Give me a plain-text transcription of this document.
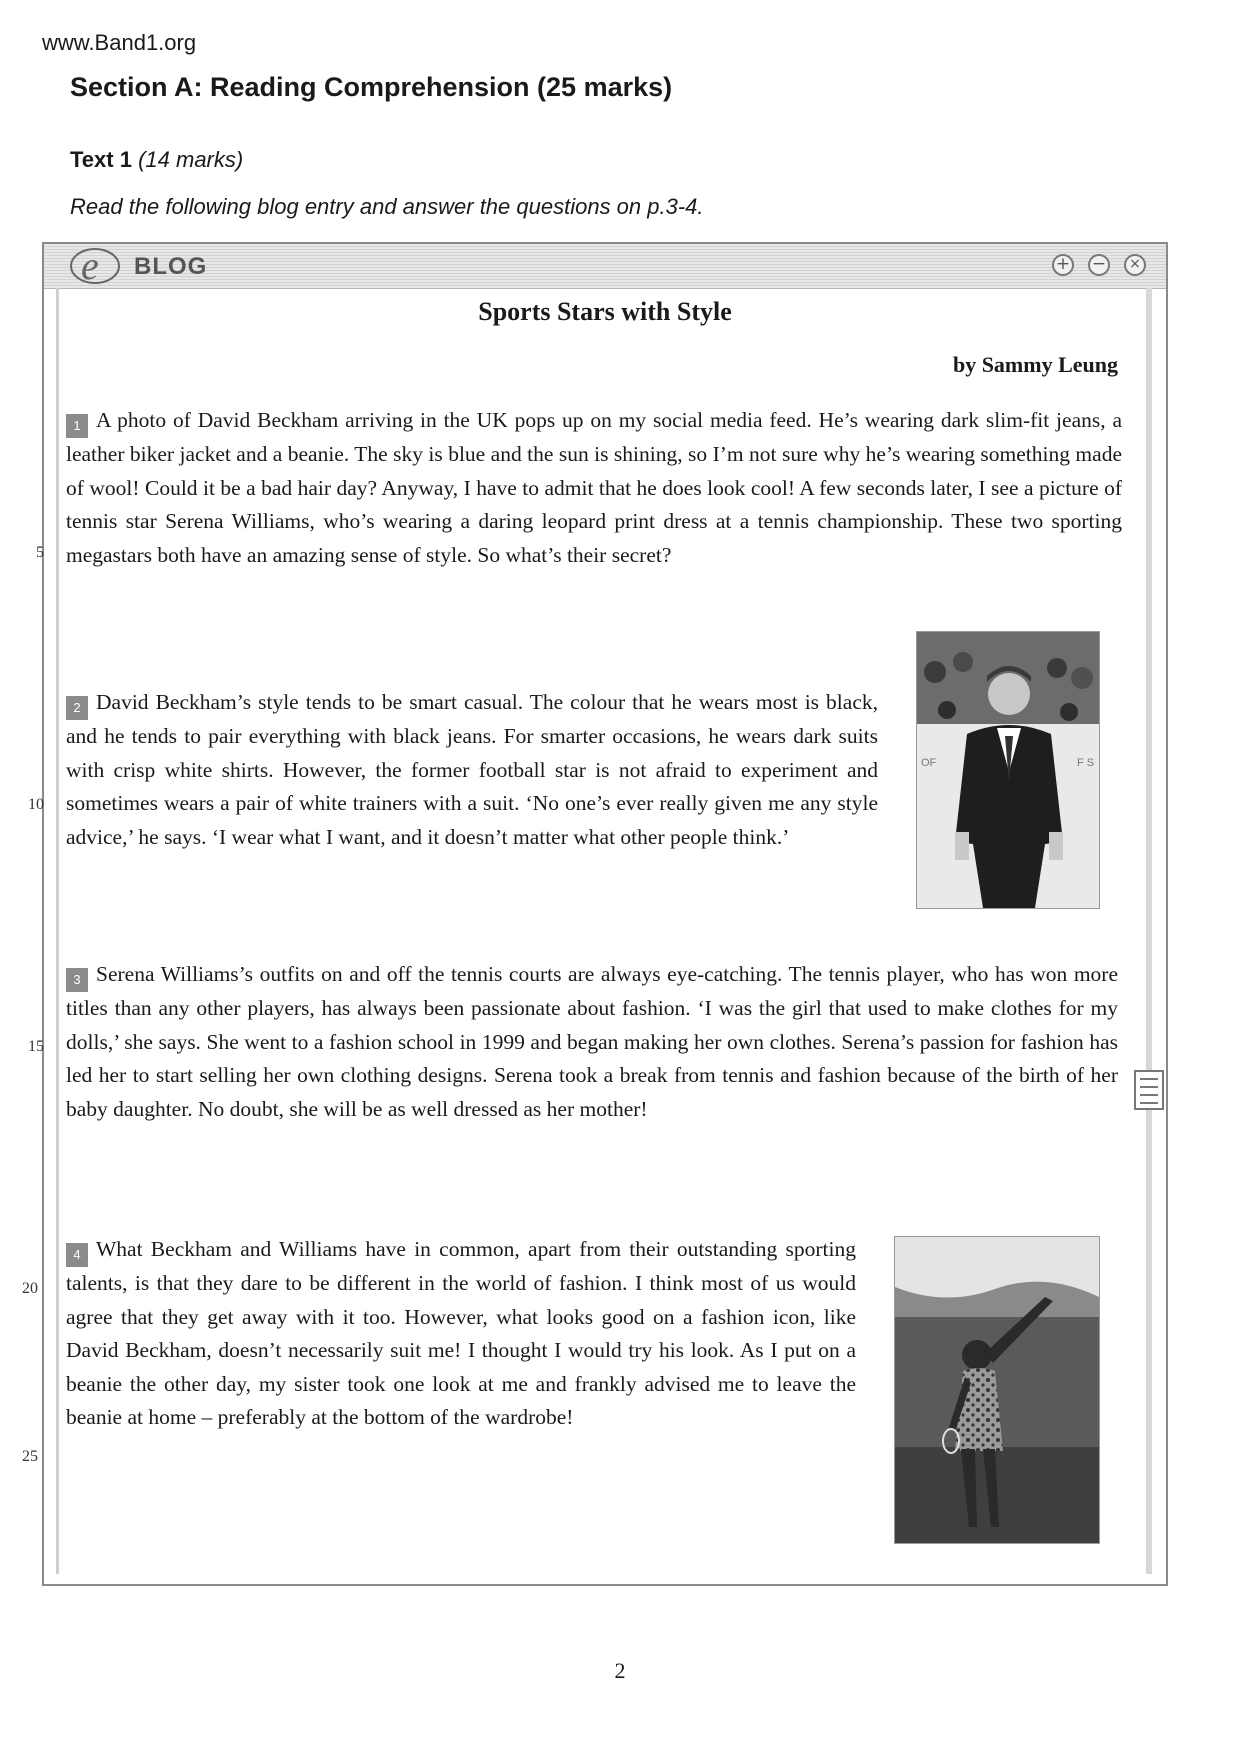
www.Band1.org
Section A: Reading Comprehension (25 marks)
Text 1 (14 marks)
Read the following blog entry and answer the questions on p.3-4.
e BLOG	+ −	×
Sports Stars with Style
by Sammy Leung

1 A photo of David Beckham arriving in the UK pops up on my social media feed. He’s wearing dark slim-fit jeans, a leather biker jacket and a beanie. The sky is blue and the sun is shining, so I’m not sure why he’s wearing something made of wool! Could it be a bad hair day? Anyway, I have to admit that he does look cool! A few seconds later, I see a picture of tennis star Serena Williams, who’s wearing a daring leopard print dress at a tennis championship. These two sporting megastars both have an amazing sense of style. So what’s their secret?

2 David Beckham’s style tends to be smart casual. The colour that he wears most is black, and he tends to pair everything with black jeans. For smarter occasions, he wears dark suits with crisp white shirts. However, the former football star is not afraid to experiment and sometimes wears a pair of white trainers with a suit. ‘No one’s ever really given me any style advice,’ he says. ‘I wear what I want, and it doesn’t matter what other people think.’

OF	F S

3 Serena Williams’s outfits on and off the tennis courts are always eye-catching. The tennis player, who has won more titles than any other players, has always been passionate about fashion. ‘I was the girl that used to make clothes for my dolls,’ she says. She went to a fashion school in 1999 and began making her own clothes. Serena’s passion for fashion has led her to start selling her own clothing designs. Serena took a break from tennis and fashion because of the birth of her baby daughter. No doubt, she will be as well dressed as her mother!

4 What Beckham and Williams have in common, apart from their outstanding sporting talents, is that they dare to be different in the world of fashion. I think most of us would agree that they get away with it too. However, what looks good on a fashion icon, like David Beckham, doesn’t necessarily suit me! I thought I would try his look. As I put on a beanie the other day, my sister took one look at me and frankly advised me to leave the beanie at home – preferably at the bottom of the wardrobe!

5
10
15
20
25
2
